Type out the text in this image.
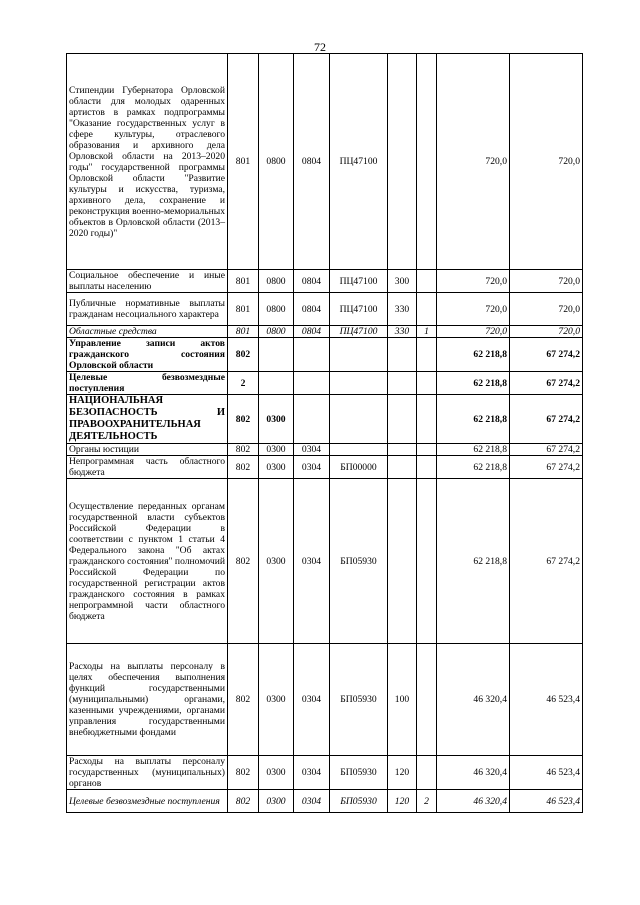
72
Стипендии Губернатора Орловской области для молодых одаренных артистов в рамках подпрограммы "Оказание государственных услуг в сфере культуры, отраслевого образования и архивного дела Орловской области на 2013–2020 годы" государственной программы Орловской области "Развитие культуры и искусства, туризма, архивного дела, сохранение и реконструкция военно-мемориальных объектов в Орловской области (2013–2020 годы)"	801	0800	0804	ПЦ47100			720,0	720,0
Социальное обеспечение и иные выплаты населению	801	0800	0804	ПЦ47100	300		720,0	720,0
Публичные нормативные выплаты гражданам несоциального характера	801	0800	0804	ПЦ47100	330		720,0	720,0
Областные средства	801	0800	0804	ПЦ47100	330	1	720,0	720,0
Управление записи актов гражданского состояния Орловской области	802						62 218,8	67 274,2
Целевые безвозмездные поступления	2						62 218,8	67 274,2
НАЦИОНАЛЬНАЯ БЕЗОПАСНОСТЬ И ПРАВООХРАНИТЕЛЬНАЯ ДЕЯТЕЛЬНОСТЬ	802	0300					62 218,8	67 274,2
Органы юстиции	802	0300	0304				62 218,8	67 274,2
Непрограммная часть областного бюджета	802	0300	0304	БП00000			62 218,8	67 274,2
Осуществление переданных органам государственной власти субъектов Российской Федерации в соответствии с пунктом 1 статьи 4 Федерального закона "Об актах гражданского состояния" полномочий Российской Федерации по государственной регистрации актов гражданского состояния в рамках непрограммной части областного бюджета	802	0300	0304	БП05930			62 218,8	67 274,2
Расходы на выплаты персоналу в целях обеспечения выполнения функций государственными (муниципальными) органами, казенными учреждениями, органами управления государственными внебюджетными фондами	802	0300	0304	БП05930	100		46 320,4	46 523,4
Расходы на выплаты персоналу государственных (муниципальных) органов	802	0300	0304	БП05930	120		46 320,4	46 523,4
Целевые безвозмездные поступления	802	0300	0304	БП05930	120	2	46 320,4	46 523,4
